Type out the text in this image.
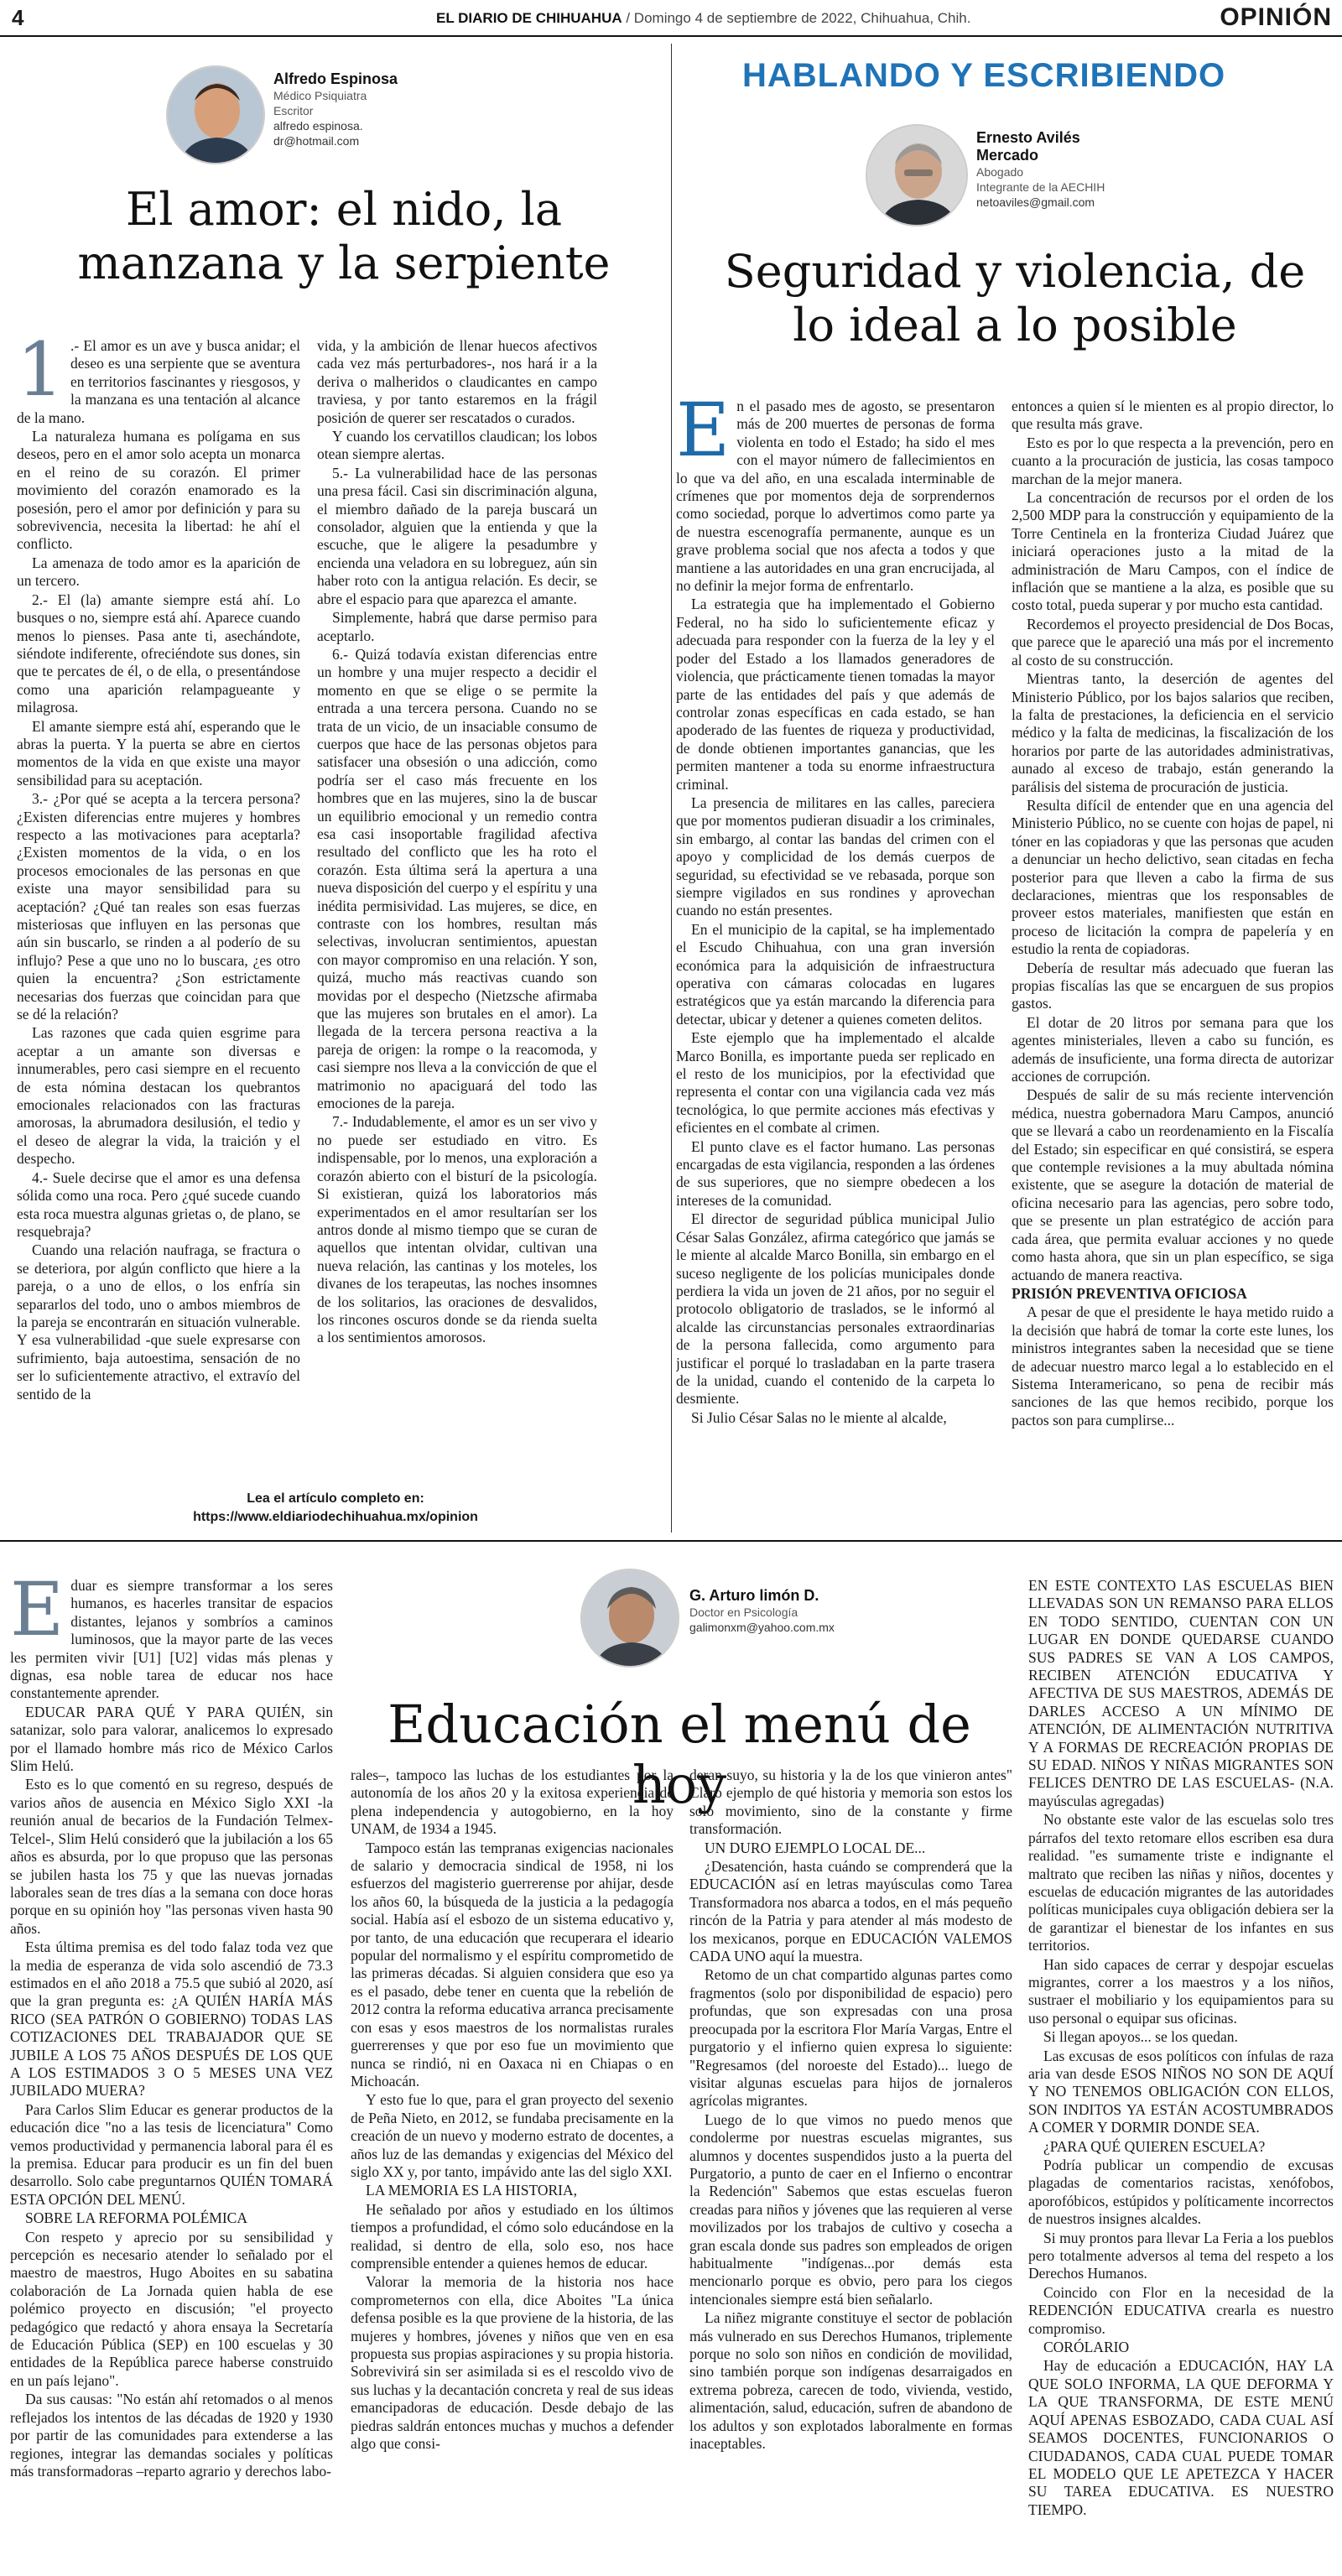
4	EL DIARIO DE CHIHUAHUA / Domingo 4 de septiembre de 2022, Chihuahua, Chih.	OPINIÓN
Alfredo Espinosa
Médico Psiquiatra
Escritor
alfredo espinosa.
dr@hotmail.com
El amor: el nido, la manzana y la serpiente
1 .- El amor es un ave y busca anidar; el deseo es una serpiente que se aventura en territorios fascinantes y riesgosos, y la manzana es una tentación al alcance de la mano.

La naturaleza humana es polígama en sus deseos, pero en el amor solo acepta un monarca en el reino de su corazón. El primer movimiento del corazón enamorado es la posesión, pero el amor por definición y para su sobrevivencia, necesita la libertad: he ahí el conflicto.

La amenaza de todo amor es la aparición de un tercero.

2.- El (la) amante siempre está ahí. Lo busques o no, siempre está ahí. Aparece cuando menos lo pienses. Pasa ante ti, asechándote, siéndote indiferente, ofreciéndote sus dones, sin que te percates de él, o de ella, o presentándose como una aparición relampagueante y milagrosa.

El amante siempre está ahí, esperando que le abras la puerta. Y la puerta se abre en ciertos momentos de la vida en que existe una mayor sensibilidad para su aceptación.

3.- ¿Por qué se acepta a la tercera persona? ¿Existen diferencias entre mujeres y hombres respecto a las motivaciones para aceptarla? ¿Existen momentos de la vida, o en los procesos emocionales de las personas en que existe una mayor sensibilidad para su aceptación? ¿Qué tan reales son esas fuerzas misteriosas que influyen en las personas que aún sin buscarlo, se rinden a al poderío de su influjo? Pese a que uno no lo buscara, ¿es otro quien la encuentra? ¿Son estrictamente necesarias dos fuerzas que coincidan para que se dé la relación?

Las razones que cada quien esgrime para aceptar a un amante son diversas e innumerables, pero casi siempre en el recuento de esta nómina destacan los quebrantos emocionales relacionados con las fracturas amorosas, la abrumadora desilusión, el tedio y el deseo de alegrar la vida, la traición y el despecho.

4.- Suele decirse que el amor es una defensa sólida como una roca. Pero ¿qué sucede cuando esta roca muestra algunas grietas o, de plano, se resquebraja?

Cuando una relación naufraga, se fractura o se deteriora, por algún conflicto que hiere a la pareja, o a uno de ellos, o los enfría sin separarlos del todo, uno o ambos miembros de la pareja se encontrarán en situación vulnerable. Y esa vulnerabilidad -que suele expresarse con sufrimiento, baja autoestima, sensación de no ser lo suficientemente atractivo, el extravío del sentido de la

vida, y la ambición de llenar huecos afectivos cada vez más perturbadores-, nos hará ir a la deriva o malheridos o claudicantes en campo traviesa, y por tanto estaremos en la frágil posición de querer ser rescatados o curados.

Y cuando los cervatillos claudican; los lobos otean siempre alertas.

5.- La vulnerabilidad hace de las personas una presa fácil. Casi sin discriminación alguna, el miembro dañado de la pareja buscará un consolador, alguien que la entienda y que la escuche, que le aligere la pesadumbre y encienda una veladora en su lobreguez, aún sin haber roto con la antigua relación. Es decir, se abre el espacio para que aparezca el amante.

Simplemente, habrá que darse permiso para aceptarlo.

6.- Quizá todavía existan diferencias entre un hombre y una mujer respecto a decidir el momento en que se elige o se permite la entrada a una tercera persona. Cuando no se trata de un vicio, de un insaciable consumo de cuerpos que hace de las personas objetos para satisfacer una obsesión o una adicción, como podría ser el caso más frecuente en los hombres que en las mujeres, sino la de buscar un equilibrio emocional y un remedio contra esa casi insoportable fragilidad afectiva resultado del conflicto que les ha roto el corazón. Esta última será la apertura a una nueva disposición del cuerpo y el espíritu y una inédita permisividad. Las mujeres, se dice, en contraste con los hombres, resultan más selectivas, involucran sentimientos, apuestan con mayor compromiso en una relación. Y son, quizá, mucho más reactivas cuando son movidas por el despecho (Nietzsche afirmaba que las mujeres son brutales en el amor). La llegada de la tercera persona reactiva a la pareja de origen: la rompe o la reacomoda, y casi siempre nos lleva a la convicción de que el matrimonio no apaciguará del todo las emociones de la pareja.

7.- Indudablemente, el amor es un ser vivo y no puede ser estudiado en vitro. Es indispensable, por lo menos, una exploración a corazón abierto con el bisturí de la psicología. Si existieran, quizá los laboratorios más experimentados en el amor resultarían ser los antros donde al mismo tiempo que se curan de aquellos que intentan olvidar, cultivan una nueva relación, las cantinas y los moteles, los divanes de los terapeutas, las noches insomnes de los solitarios, las oraciones de desvalidos, los rincones oscuros donde se da rienda suelta a los sentimientos amorosos.

Lea el artículo completo en:
https://www.eldiariodechihuahua.mx/opinion
HABLANDO Y ESCRIBIENDO
Ernesto Avilés
Mercado
Abogado
Integrante de la AECHIH
netoaviles@gmail.com
Seguridad y violencia, de lo ideal a lo posible
E n el pasado mes de agosto, se presentaron más de 200 muertes de personas de forma violenta en todo el Estado; ha sido el mes con el mayor número de fallecimientos en lo que va del año, en una escalada interminable de crímenes que por momentos deja de sorprendernos como sociedad, porque lo advertimos como parte ya de nuestra escenografía permanente, aunque es un grave problema social que nos afecta a todos y que mantiene a las autoridades en una gran encrucijada, al no definir la mejor forma de enfrentarlo.

La estrategia que ha implementado el Gobierno Federal, no ha sido lo suficientemente eficaz y adecuada para responder con la fuerza de la ley y el poder del Estado a los llamados generadores de violencia, que prácticamente tienen tomadas la mayor parte de las entidades del país y que además de controlar zonas específicas en cada estado, se han apoderado de las fuentes de riqueza y productividad, de donde obtienen importantes ganancias, que les permiten mantener a toda su enorme infraestructura criminal.

La presencia de militares en las calles, pareciera que por momentos pudieran disuadir a los criminales, sin embargo, al contar las bandas del crimen con el apoyo y complicidad de los demás cuerpos de seguridad, su efectividad se ve rebasada, porque son siempre vigilados en sus rondines y aprovechan cuando no están presentes.

En el municipio de la capital, se ha implementado el Escudo Chihuahua, con una gran inversión económica para la adquisición de infraestructura operativa con cámaras colocadas en lugares estratégicos que ya están marcando la diferencia para detectar, ubicar y detener a quienes cometen delitos.

Este ejemplo que ha implementado el alcalde Marco Bonilla, es importante pueda ser replicado en el resto de los municipios, por la efectividad que representa el contar con una vigilancia cada vez más tecnológica, lo que permite acciones más efectivas y eficientes en el combate al crimen.

El punto clave es el factor humano. Las personas encargadas de esta vigilancia, responden a las órdenes de sus superiores, que no siempre obedecen a los intereses de la comunidad.

El director de seguridad pública municipal Julio César Salas González, afirma categórico que jamás se le miente al alcalde Marco Bonilla, sin embargo en el suceso negligente de los policías municipales donde perdiera la vida un joven de 21 años, por no seguir el protocolo obligatorio de traslados, se le informó al alcalde las circunstancias personales extraordinarias de la persona fallecida, como argumento para justificar el porqué lo trasladaban en la parte trasera de la unidad, cuando el contenido de la carpeta lo desmiente.

Si Julio César Salas no le miente al alcalde,

entonces a quien sí le mienten es al propio director, lo que resulta más grave.

Esto es por lo que respecta a la prevención, pero en cuanto a la procuración de justicia, las cosas tampoco marchan de la mejor manera.

La concentración de recursos por el orden de los 2,500 MDP para la construcción y equipamiento de la Torre Centinela en la fronteriza Ciudad Juárez que iniciará operaciones justo a la mitad de la administración de Maru Campos, con el índice de inflación que se mantiene a la alza, es posible que su costo total, pueda superar y por mucho esta cantidad.

Recordemos el proyecto presidencial de Dos Bocas, que parece que le apareció una más por el incremento al costo de su construcción.

Mientras tanto, la deserción de agentes del Ministerio Público, por los bajos salarios que reciben, la falta de prestaciones, la deficiencia en el servicio médico y la falta de medicinas, la fiscalización de los horarios por parte de las autoridades administrativas, aunado al exceso de trabajo, están generando la parálisis del sistema de procuración de justicia.

Resulta difícil de entender que en una agencia del Ministerio Público, no se cuente con hojas de papel, ni tóner en las copiadoras y que las personas que acuden a denunciar un hecho delictivo, sean citadas en fecha posterior para que lleven a cabo la firma de sus declaraciones, mientras que los responsables de proveer estos materiales, manifiesten que están en proceso de licitación la compra de papelería y en estudio la renta de copiadoras.

Debería de resultar más adecuado que fueran las propias fiscalías las que se encarguen de sus propios gastos.

El dotar de 20 litros por semana para que los agentes ministeriales, lleven a cabo su función, es además de insuficiente, una forma directa de autorizar acciones de corrupción.

Después de salir de su más reciente intervención médica, nuestra gobernadora Maru Campos, anunció que se llevará a cabo un reordenamiento en la Fiscalía del Estado; sin especificar en qué consistirá, se espera que contemple revisiones a la muy abultada nómina existente, que se asegure la dotación de material de oficina necesario para las agencias, pero sobre todo, que se presente un plan estratégico de acción para cada área, que permita evaluar acciones y no quede como hasta ahora, que sin un plan específico, se siga actuando de manera reactiva.

PRISIÓN PREVENTIVA OFICIOSA

A pesar de que el presidente le haya metido ruido a la decisión que habrá de tomar la corte este lunes, los ministros integrantes saben la necesidad que se tiene de adecuar nuestro marco legal a lo establecido en el Sistema Interamericano, so pena de recibir más sanciones de las que hemos recibido, porque los pactos son para cumplirse...

G. Arturo limón D.
Doctor en Psicología
galimonxm@yahoo.com.mx
Educación el menú de hoy
E duar es siempre transformar a los seres humanos, es hacerles transitar de espacios distantes, lejanos y sombríos a caminos luminosos, que la mayor parte de las veces les permiten vivir [U1] [U2] vidas más plenas y dignas, esa noble tarea de educar nos hace constantemente aprender.

EDUCAR PARA QUÉ Y PARA QUIÉN, sin satanizar, solo para valorar, analicemos lo expresado por el llamado hombre más rico de México Carlos Slim Helú.

Esto es lo que comentó en su regreso, después de varios años de ausencia en México Siglo XXI -la reunión anual de becarios de la Fundación Telmex-Telcel-, Slim Helú consideró que la jubilación a los 65 años es absurda, por lo que propuso que las personas se jubilen hasta los 75 y que las nuevas jornadas laborales sean de tres días a la semana con doce horas porque en su opinión hoy "las personas viven hasta 90 años.

Esta última premisa es del todo falaz toda vez que la media de esperanza de vida solo ascendió de 73.3 estimados en el año 2018 a 75.5 que subió al 2020, así que la gran pregunta es: ¿A QUIÉN HARÍA MÁS RICO (SEA PATRÓN O GOBIERNO) TODAS LAS COTIZACIONES DEL TRABAJADOR QUE SE JUBILE A LOS 75 AÑOS DESPUÉS DE LOS QUE A LOS ESTIMADOS 3 O 5 MESES UNA VEZ JUBILADO MUERA?

Para Carlos Slim Educar es generar productos de la educación dice "no a las tesis de licenciatura" Como vemos productividad y permanencia laboral para él es la premisa. Educar para producir es un fin del buen desarrollo. Solo cabe preguntarnos QUIÉN TOMARÁ ESTA OPCIÓN DEL MENÚ.

SOBRE LA REFORMA POLÉMICA

Con respeto y aprecio por su sensibilidad y percepción es necesario atender lo señalado por el maestro de maestros, Hugo Aboites en su sabatina colaboración de La Jornada quien habla de ese polémico proyecto en discusión; "el proyecto pedagógico que redactó y ahora ensaya la Secretaría de Educación Pública (SEP) en 100 escuelas y 30 entidades de la República parece haberse construido en un país lejano".

Da sus causas: "No están ahí retomados o al menos reflejados los intentos de las décadas de 1920 y 1930 por partir de las comunidades para extenderse a las regiones, integrar las demandas sociales y políticas más transformadoras –reparto agrario y derechos labo-

rales–, tampoco las luchas de los estudiantes por la autonomía de los años 20 y la exitosa experiencia de plena independencia y autogobierno, en la hoy UNAM, de 1934 a 1945.

Tampoco están las tempranas exigencias nacionales de salario y democracia sindical de 1958, ni los esfuerzos del magisterio guerrerense por ahijar, desde los años 60, la búsqueda de la justicia a la pedagogía social. Había así el esbozo de un sistema educativo y, por tanto, de una educación que recuperara el ideario popular del normalismo y el espíritu comprometido de las primeras décadas. Si alguien considera que eso ya es el pasado, debe tener en cuenta que la rebelión de 2012 contra la reforma educativa arranca precisamente con esas y esos maestros de los normalistas rurales guerrerenses y que por eso fue un movimiento que nunca se rindió, ni en Oaxaca ni en Chiapas o en Michoacán.

Y esto fue lo que, para el gran proyecto del sexenio de Peña Nieto, en 2012, se fundaba precisamente en la creación de un nuevo y moderno estrato de docentes, a años luz de las demandas y exigencias del México del siglo XX y, por tanto, impávido ante las del siglo XXI.

LA MEMORIA ES LA HISTORIA,

He señalado por años y estudiado en los últimos tiempos a profundidad, el cómo solo educándose en la realidad, si dentro de ella, solo eso, nos hace comprensible entender a quienes hemos de educar.

Valorar la memoria de la historia nos hace comprometernos con ella, dice Aboites "La única defensa posible es la que proviene de la historia, de las mujeres y hombres, jóvenes y niños que ven en esa propuesta sus propias aspiraciones y su propia historia. Sobrevivirá sin ser asimilada si es el rescoldo vivo de sus luchas y la decantación concreta y real de sus ideas emancipadoras de educación. Desde debajo de las piedras saldrán entonces muchas y muchos a defender algo que consi-

deran suyo, su historia y la de los que vinieron antes" Claro ejemplo de qué historia y memoria son estos los solo movimiento, sino de la constante y firme transformación.

UN DURO EJEMPLO LOCAL DE...

¿Desatención, hasta cuándo se comprenderá que la EDUCACIÓN así en letras mayúsculas como Tarea Transformadora nos abarca a todos, en el más pequeño rincón de la Patria y para atender al más modesto de los mexicanos, porque en EDUCACIÓN VALEMOS CADA UNO aquí la muestra.

Retomo de un chat compartido algunas partes como fragmentos (solo por disponibilidad de espacio) pero profundas, que son expresadas con una prosa preocupada por la escritora Flor María Vargas, Entre el purgatorio y el infierno quien expresa lo siguiente: "Regresamos (del noroeste del Estado)... luego de visitar algunas escuelas para hijos de jornaleros agrícolas migrantes.

Luego de lo que vimos no puedo menos que condolerme por nuestras escuelas migrantes, sus alumnos y docentes suspendidos justo a la puerta del Purgatorio, a punto de caer en el Infierno o encontrar la Redención" Sabemos que estas escuelas fueron creadas para niños y jóvenes que las requieren al verse movilizados por los trabajos de cultivo y cosecha a gran escala donde sus padres son empleados de origen habitualmente "indígenas...por demás esta mencionarlo porque es obvio, pero para los ciegos intencionales siempre está bien señalarlo.

La niñez migrante constituye el sector de población más vulnerado en sus Derechos Humanos, triplemente porque no solo son niños en condición de movilidad, sino también porque son indígenas desarraigados en extrema pobreza, carecen de todo, vivienda, vestido, alimentación, salud, educación, sufren de abandono de los adultos y son explotados laboralmente en formas inaceptables.

EN ESTE CONTEXTO LAS ESCUELAS BIEN LLEVADAS SON UN REMANSO PARA ELLOS EN TODO SENTIDO, CUENTAN CON UN LUGAR EN DONDE QUEDARSE CUANDO SUS PADRES SE VAN A LOS CAMPOS, RECIBEN ATENCIÓN EDUCATIVA Y AFECTIVA DE SUS MAESTROS, ADEMÁS DE DARLES ACCESO A UN MÍNIMO DE ATENCIÓN, DE ALIMENTACIÓN NUTRITIVA Y A FORMAS DE RECREACIÓN PROPIAS DE SU EDAD. NIÑOS Y NIÑAS MIGRANTES SON FELICES DENTRO DE LAS ESCUELAS- (N.A. mayúsculas agregadas)

No obstante este valor de las escuelas solo tres párrafos del texto retomare ellos escriben esa dura realidad. "es sumamente triste e indignante el maltrato que reciben las niñas y niños, docentes y escuelas de educación migrantes de las autoridades políticas municipales cuya obligación debiera ser la de garantizar el bienestar de los infantes en sus territorios.

Han sido capaces de cerrar y despojar escuelas migrantes, correr a los maestros y a los niños, sustraer el mobiliario y los equipamientos para su uso personal o equipar sus oficinas.

Si llegan apoyos... se los quedan.

Las excusas de esos políticos con ínfulas de raza aria van desde ESOS NIÑOS NO SON DE AQUÍ Y NO TENEMOS OBLIGACIÓN CON ELLOS, SON INDITOS YA ESTÁN ACOSTUMBRADOS A COMER Y DORMIR DONDE SEA.

¿PARA QUÉ QUIEREN ESCUELA?

Podría publicar un compendio de excusas plagadas de comentarios racistas, xenófobos, aporofóbicos, estúpidos y políticamente incorrectos de nuestros insignes alcaldes.

Si muy prontos para llevar La Feria a los pueblos pero totalmente adversos al tema del respeto a los Derechos Humanos.

Coincido con Flor en la necesidad de la REDENCIÓN EDUCATIVA crearla es nuestro compromiso.

CORÓLARIO

Hay de educación a EDUCACIÓN, HAY LA QUE SOLO INFORMA, LA QUE DEFORMA Y LA QUE TRANSFORMA, DE ESTE MENÚ AQUÍ APENAS ESBOZADO, CADA CUAL ASÍ SEAMOS DOCENTES, FUNCIONARIOS O CIUDADANOS, CADA CUAL PUEDE TOMAR EL MODELO QUE LE APETEZCA Y HACER SU TAREA EDUCATIVA. ES NUESTRO TIEMPO.
